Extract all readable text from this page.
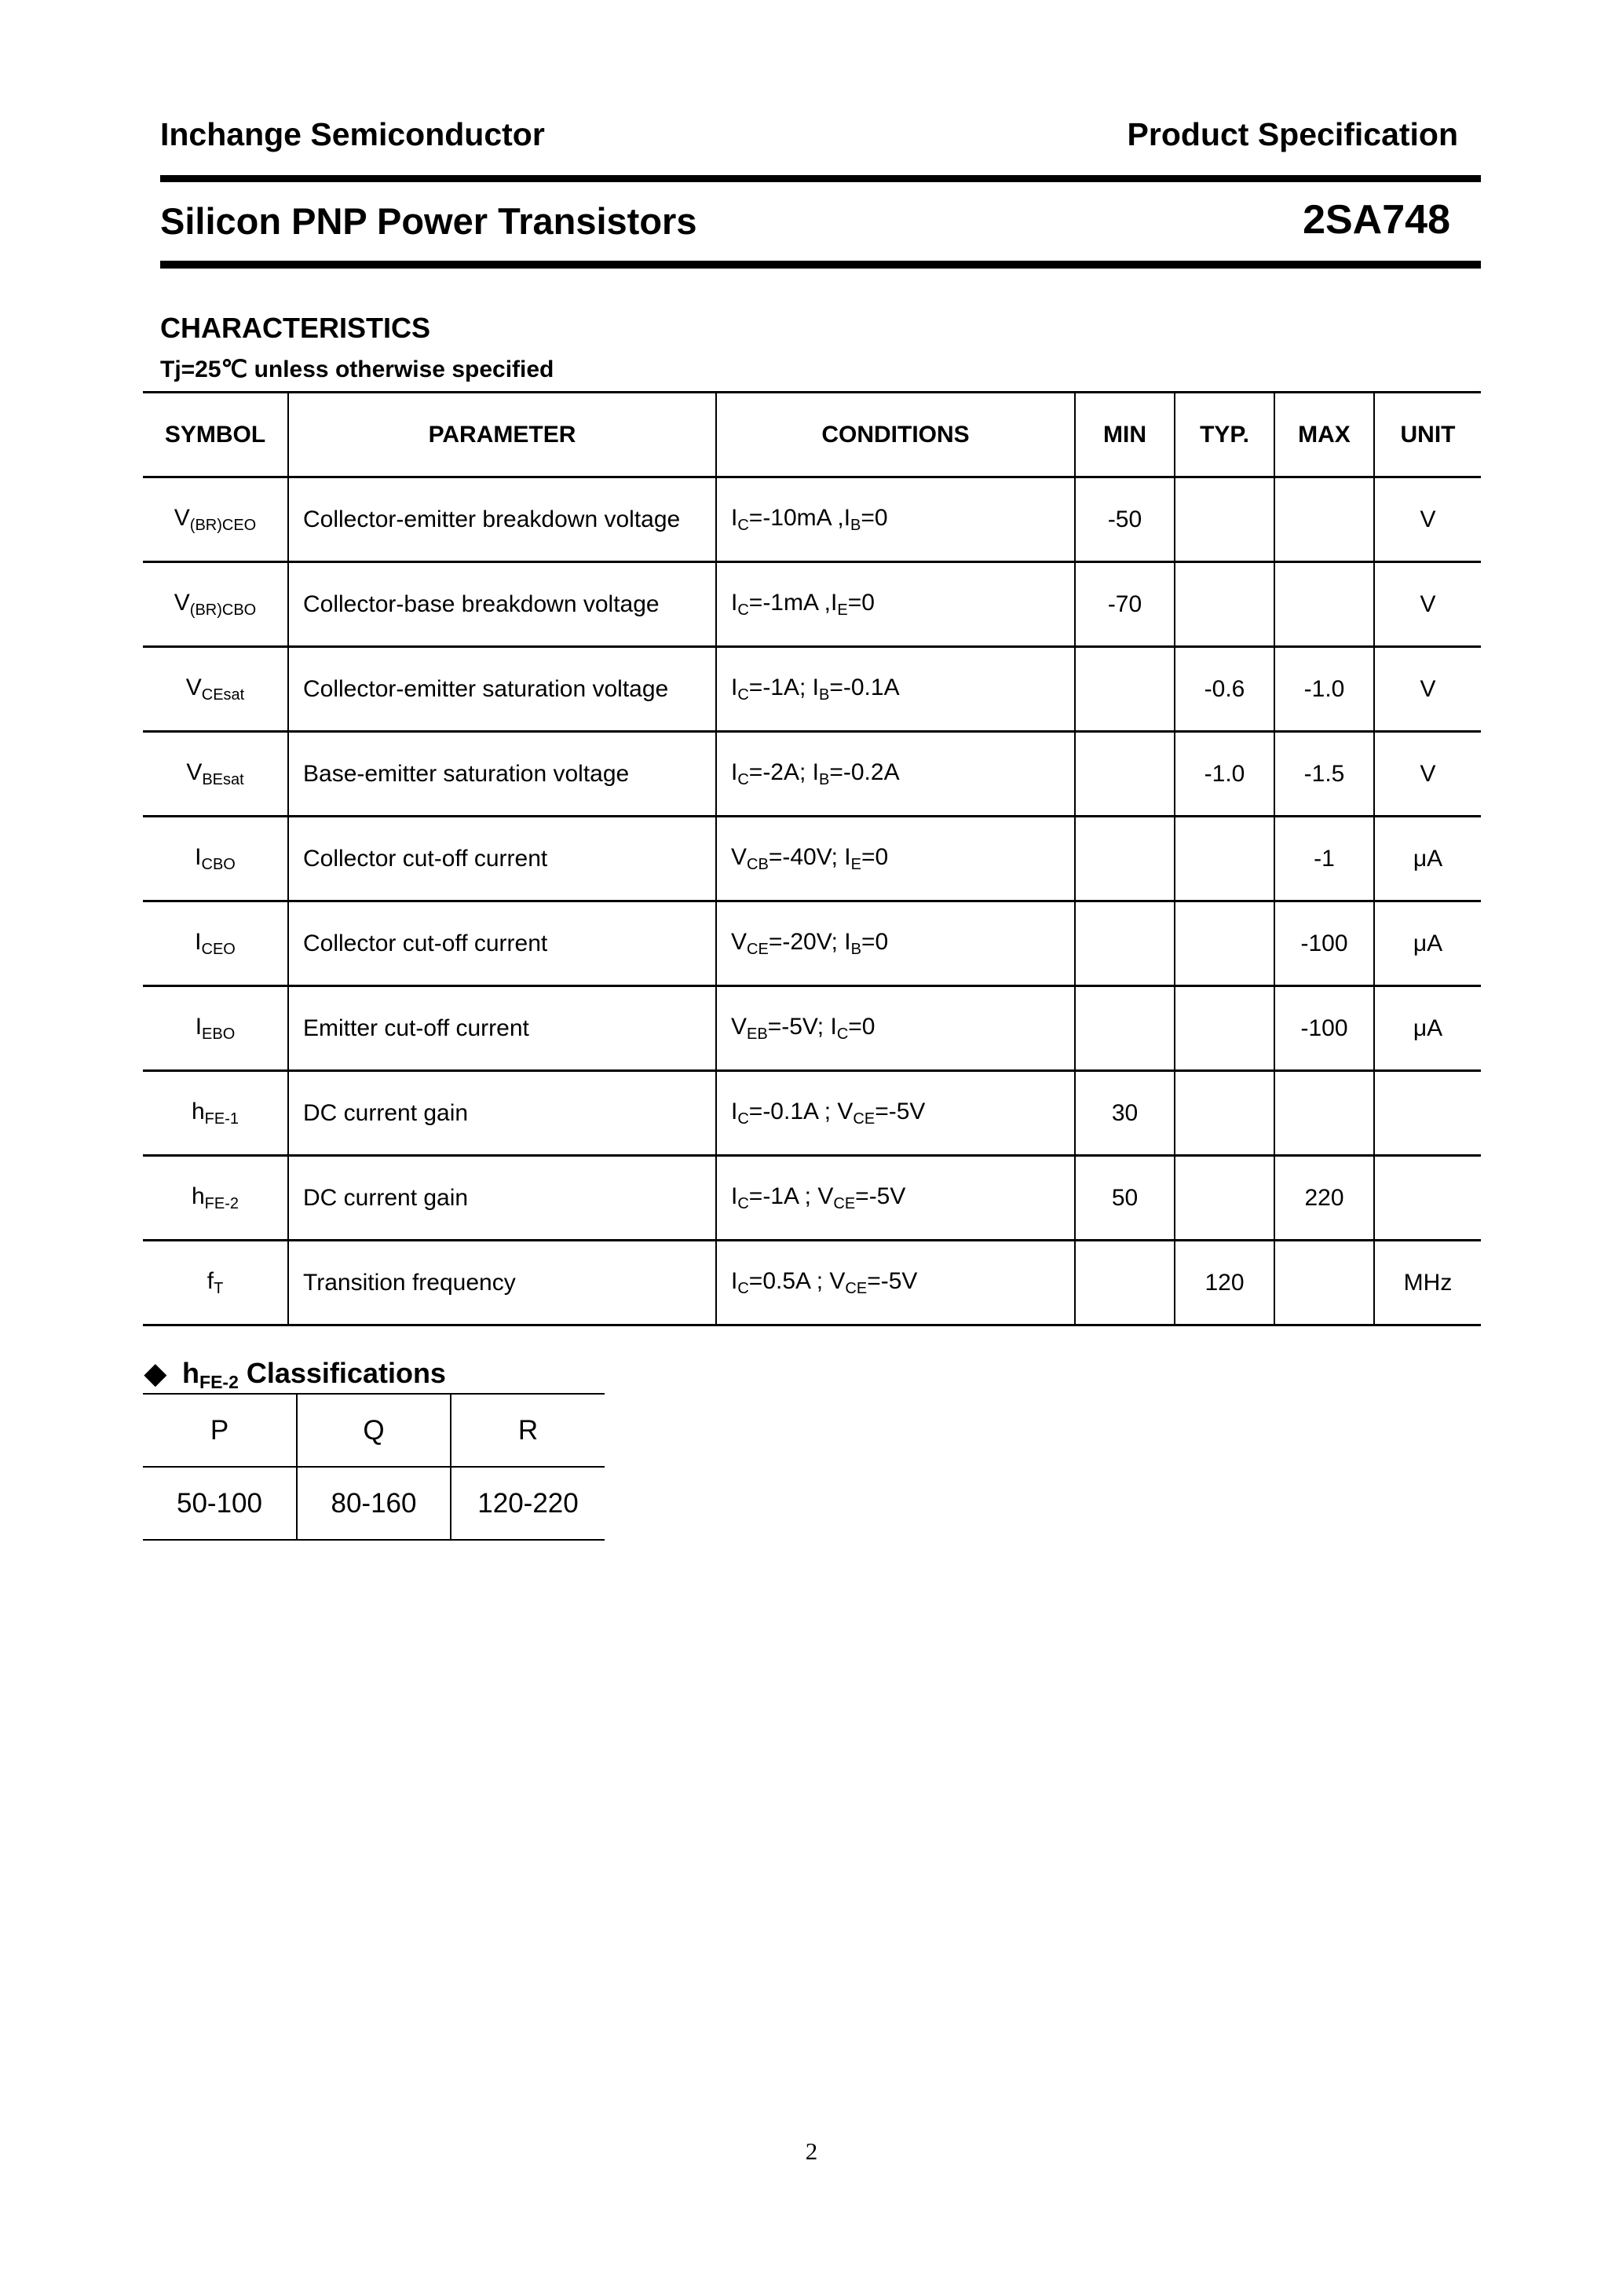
Inchange Semiconductor	Product Specification
Silicon PNP Power Transistors	2SA748
CHARACTERISTICS
Tj=25℃ unless otherwise specified
SYMBOL	PARAMETER	CONDITIONS	MIN	TYP.	MAX	UNIT
$V_{(BR)CEO}$	Collector-emitter breakdown voltage	$I_C=-10mA$ $,I_B=0$	-50			V
$V_{(BR)CBO}$	Collector-base breakdown voltage	$I_C=-1mA$ $,I_E=0$	-70			V
$V_{CEsat}$	Collector-emitter saturation voltage	$I_C=-1A$; $I_B=-0.1A$		-0.6	-1.0	V
$V_{BEsat}$	Base-emitter saturation voltage	$I_C=-2A$; $I_B=-0.2A$		-1.0	-1.5	V
$I_{CBO}$	Collector cut-off current	$V_{CB}=-40V$; $I_E=0$			-1	μA
$I_{CEO}$	Collector cut-off current	$V_{CE}=-20V$; $I_B=0$			-100	μA
$I_{EBO}$	Emitter cut-off current	$V_{EB}=-5V$; $I_C=0$			-100	μA
$h_{FE-1}$	DC current gain	$I_C=-0.1A$ ; $V_{CE}=-5V$	30			
$h_{FE-2}$	DC current gain	$I_C=-1A$ ; $V_{CE}=-5V$	50		220	
$f_T$	Transition frequency	$I_C=0.5A$ ; $V_{CE}=-5V$		120		MHz
◆ $h_{FE-2}$ Classifications
P	Q	R
50-100	80-160	120-220
2
